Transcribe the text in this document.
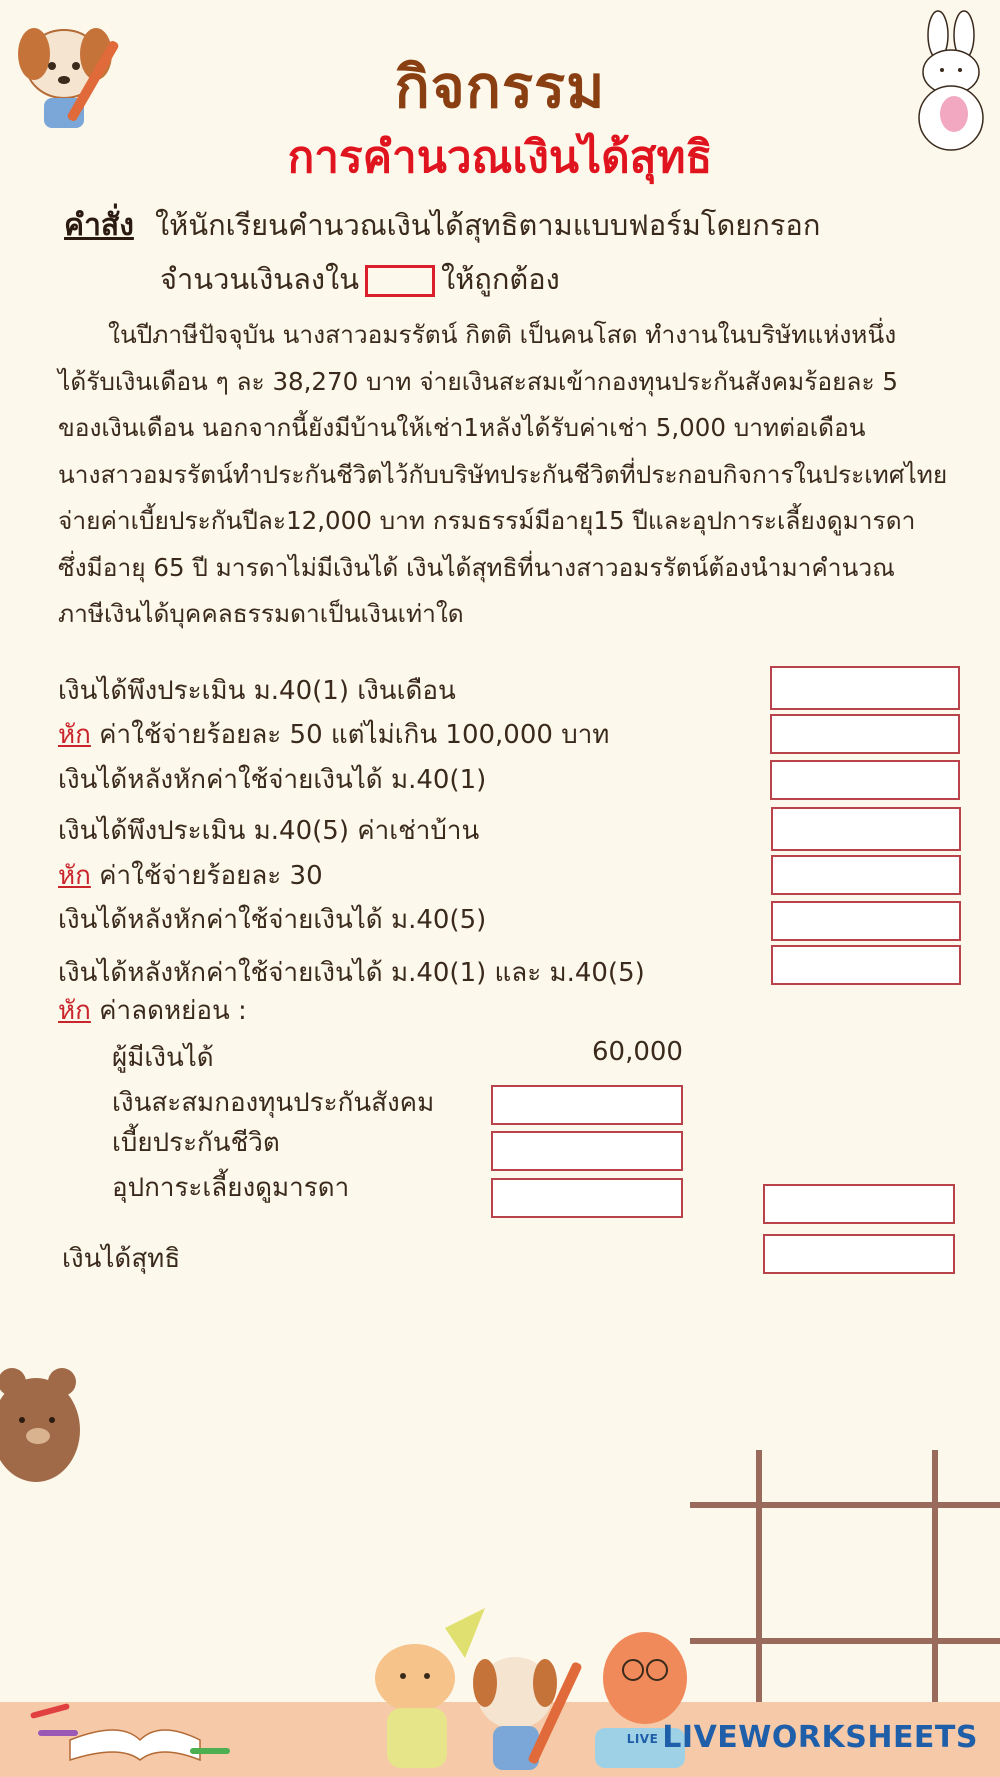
กิจกรรม
การคำนวณเงินได้สุทธิ
คำสั่ง ให้นักเรียนคำนวณเงินได้สุทธิตามแบบฟอร์มโดยกรอก
จำนวนเงินลงใน	ให้ถูกต้อง

ในปีภาษีปัจจุบัน นางสาวอมรรัตน์ กิตติ เป็นคนโสด ทำงานในบริษัทแห่งหนึ่ง

ได้รับเงินเดือน ๆ ละ 38,270 บาท จ่ายเงินสะสมเข้ากองทุนประกันสังคมร้อยละ 5

ของเงินเดือน นอกจากนี้ยังมีบ้านให้เช่า1หลังได้รับค่าเช่า 5,000 บาทต่อเดือน

นางสาวอมรรัตน์ทำประกันชีวิตไว้กับบริษัทประกันชีวิตที่ประกอบกิจการในประเทศไทย

จ่ายค่าเบี้ยประกันปีละ12,000 บาท กรมธรรม์มีอายุ15 ปีและอุปการะเลี้ยงดูมารดา

ซึ่งมีอายุ 65 ปี มารดาไม่มีเงินได้ เงินได้สุทธิที่นางสาวอมรรัตน์ต้องนำมาคำนวณ

ภาษีเงินได้บุคคลธรรมดาเป็นเงินเท่าใด

เงินได้พึงประเมิน ม.40(1) เงินเดือน
หัก ค่าใช้จ่ายร้อยละ 50 แต่ไม่เกิน 100,000 บาท
เงินได้หลังหักค่าใช้จ่ายเงินได้ ม.40(1)
เงินได้พึงประเมิน ม.40(5) ค่าเช่าบ้าน
หัก ค่าใช้จ่ายร้อยละ 30
เงินได้หลังหักค่าใช้จ่ายเงินได้ ม.40(5)
เงินได้หลังหักค่าใช้จ่ายเงินได้ ม.40(1) และ ม.40(5)
หัก ค่าลดหย่อน :
ผู้มีเงินได้	60,000
เงินสะสมกองทุนประกันสังคม
เบี้ยประกันชีวิต
อุปการะเลี้ยงดูมารดา
เงินได้สุทธิ
LIVE LIVEWORKSHEETS
